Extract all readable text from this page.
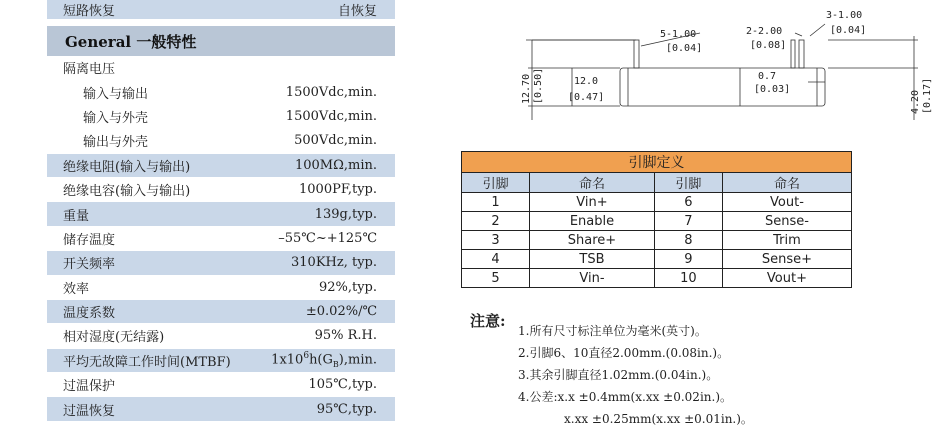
短路恢复	自恢复
General 一般特性
隔离电压
输入与输出	1500Vdc,min.
输入与外壳	1500Vdc,min.
输出与外壳	500Vdc,min.
绝缘电阻(输入与输出)	100MΩ,min.
绝缘电容(输入与输出)	1000PF,typ.
重量	139g,typ.
储存温度	–55℃~+125℃
开关频率	310KHz, typ.
效率	92%,typ.
温度系数	±0.02%/℃
相对湿度(无结露)	95% R.H.
平均无故障工作时间(MTBF)	$1x10^6h(G_B),\min$.
过温保护	105℃,typ.
过温恢复	95℃,typ.
5-1.00
[0.04]
2-2.00
[0.08]
3-1.00
[0.04]
12.0
[0.47]
0.7
[0.03]
12.70 [0.50]	4.20 [0.17]
引脚定义			
引脚	命名	引脚	命名
1	Vin+	6	Vout-
2	Enable	7	Sense-
3	Share+	8	Trim
4	TSB	9	Sense+
5	Vin-	10	Vout+
注意:
1.所有尺寸标注单位为毫米(英寸)。
2.引脚6、10直径2.00mm.(0.08in.)。
3.其余引脚直径1.02mm.(0.04in.)。
4.公差:x.x ±0.4mm(x.xx ±0.02in.)。
x.xx ±0.25mm(x.xx ±0.01in.)。
